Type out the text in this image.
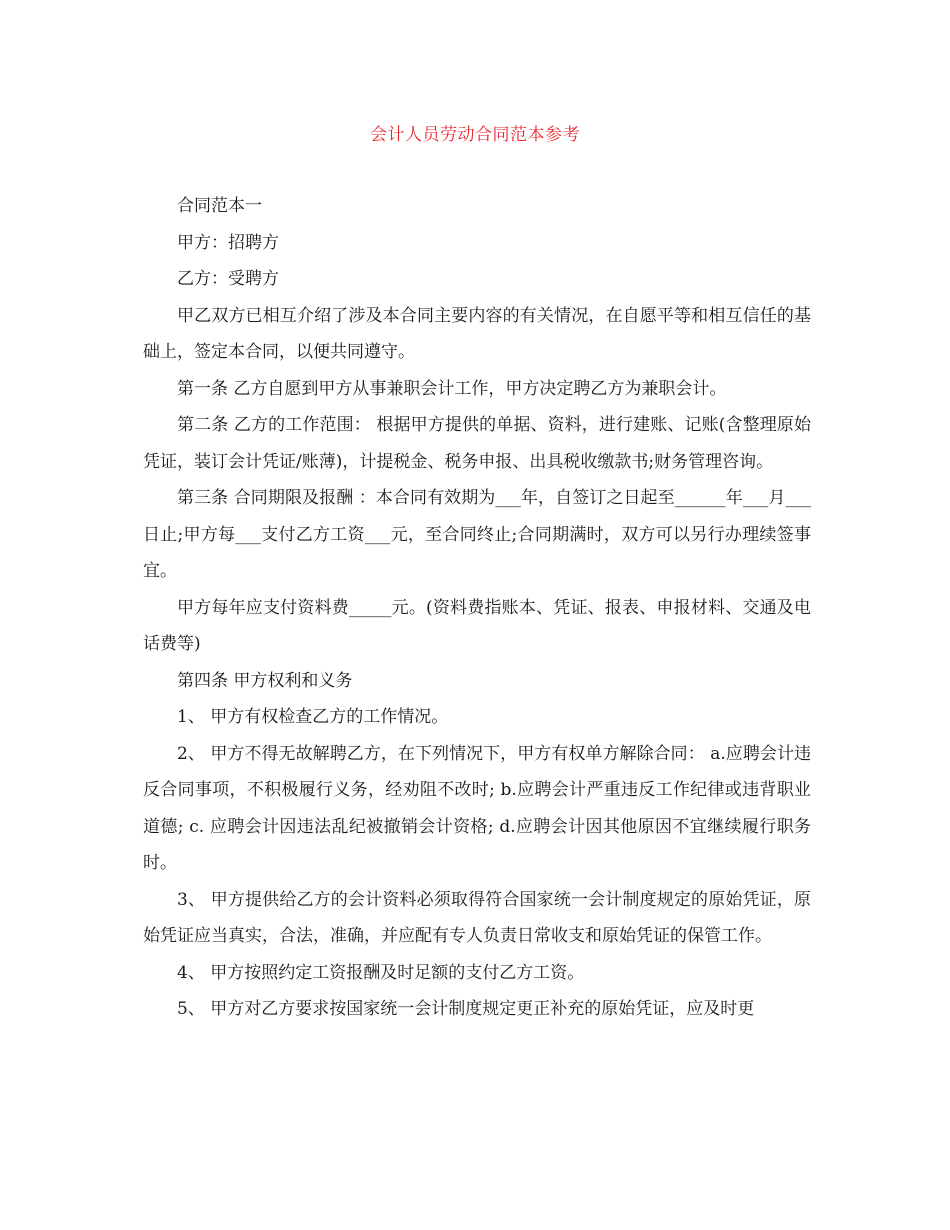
会计人员劳动合同范本参考

合同范本一

甲方：招聘方

乙方：受聘方

甲乙双方已相互介绍了涉及本合同主要内容的有关情况，在自愿平等和相互信任的基础上，签定本合同，以便共同遵守。

第一条 乙方自愿到甲方从事兼职会计工作，甲方决定聘乙方为兼职会计。

第二条 乙方的工作范围： 根据甲方提供的单据、资料，进行建账、记账(含整理原始凭证，装订会计凭证/账薄)，计提税金、税务申报、出具税收缴款书;财务管理咨询。

第三条 合同期限及报酬 ：本合同有效期为___年，自签订之日起至______年___月___日止;甲方每___支付乙方工资___元，至合同终止;合同期满时，双方可以另行办理续签事宜。

甲方每年应支付资料费_____元。(资料费指账本、凭证、报表、申报材料、交通及电话费等)

第四条 甲方权利和义务

1、 甲方有权检查乙方的工作情况。

2、 甲方不得无故解聘乙方，在下列情况下，甲方有权单方解除合同： a.应聘会计违反合同事项，不积极履行义务，经劝阻不改时; b.应聘会计严重违反工作纪律或违背职业道德; c. 应聘会计因违法乱纪被撤销会计资格; d.应聘会计因其他原因不宜继续履行职务时。

3、 甲方提供给乙方的会计资料必须取得符合国家统一会计制度规定的原始凭证，原始凭证应当真实，合法，准确，并应配有专人负责日常收支和原始凭证的保管工作。

4、 甲方按照约定工资报酬及时足额的支付乙方工资。

5、 甲方对乙方要求按国家统一会计制度规定更正补充的原始凭证，应及时更
